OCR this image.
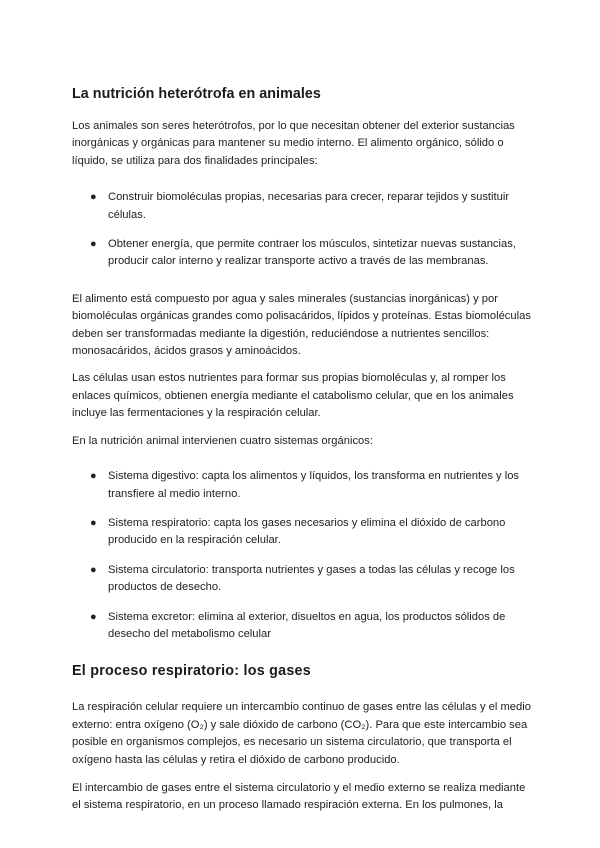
La nutrición heterótrofa en animales

Los animales son seres heterótrofos, por lo que necesitan obtener del exterior sustancias inorgánicas y orgánicas para mantener su medio interno. El alimento orgánico, sólido o líquido, se utiliza para dos finalidades principales:

● Construir biomoléculas propias, necesarias para crecer, reparar tejidos y sustituir células.
● Obtener energía, que permite contraer los músculos, sintetizar nuevas sustancias, producir calor interno y realizar transporte activo a través de las membranas.

El alimento está compuesto por agua y sales minerales (sustancias inorgánicas) y por biomoléculas orgánicas grandes como polisacáridos, lípidos y proteínas. Estas biomoléculas deben ser transformadas mediante la digestión, reduciéndose a nutrientes sencillos: monosacáridos, ácidos grasos y aminoácidos.

Las células usan estos nutrientes para formar sus propias biomoléculas y, al romper los enlaces químicos, obtienen energía mediante el catabolismo celular, que en los animales incluye las fermentaciones y la respiración celular.

En la nutrición animal intervienen cuatro sistemas orgánicos:

● Sistema digestivo: capta los alimentos y líquidos, los transforma en nutrientes y los transfiere al medio interno.
● Sistema respiratorio: capta los gases necesarios y elimina el dióxido de carbono producido en la respiración celular.
● Sistema circulatorio: transporta nutrientes y gases a todas las células y recoge los productos de desecho.
● Sistema excretor: elimina al exterior, disueltos en agua, los productos sólidos de desecho del metabolismo celular
El proceso respiratorio: los gases

La respiración celular requiere un intercambio continuo de gases entre las células y el medio externo: entra oxígeno (O₂) y sale dióxido de carbono (CO₂). Para que este intercambio sea posible en organismos complejos, es necesario un sistema circulatorio, que transporta el oxígeno hasta las células y retira el dióxido de carbono producido.

El intercambio de gases entre el sistema circulatorio y el medio externo se realiza mediante el sistema respiratorio, en un proceso llamado respiración externa. En los pulmones, la
